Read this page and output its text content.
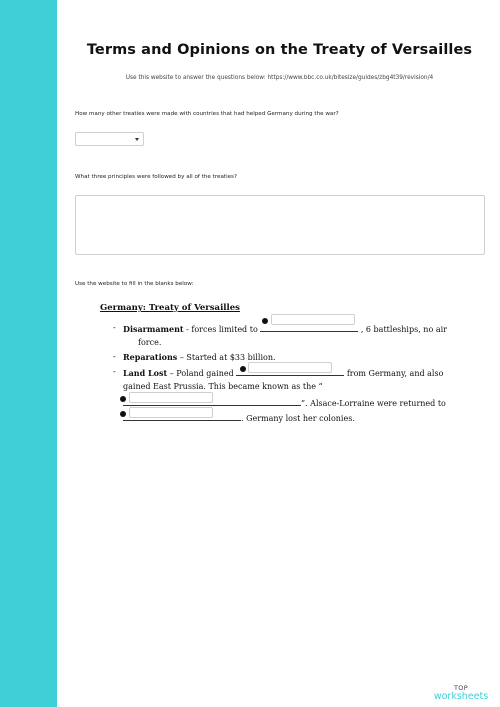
Terms and Opinions on the Treaty of Versailles
Use this website to answer the questions below: https://www.bbc.co.uk/bitesize/guides/zbg4t39/revision/4
How many other treaties were made with countries that had helped Germany during the war?
What three principles were followed by all of the treaties?
Use the website to fill in the blanks below:
Germany: Treaty of Versailles
- Disarmament - forces limited to	, 6 battleships, no air
force.
- Reparations – Started at $33 billion.
- Land Lost – Poland gained	from Germany, and also
gained East Prussia. This became known as the “
”. Alsace-Lorraine were returned to
. Germany lost her colonies.
TOP
worksheets
